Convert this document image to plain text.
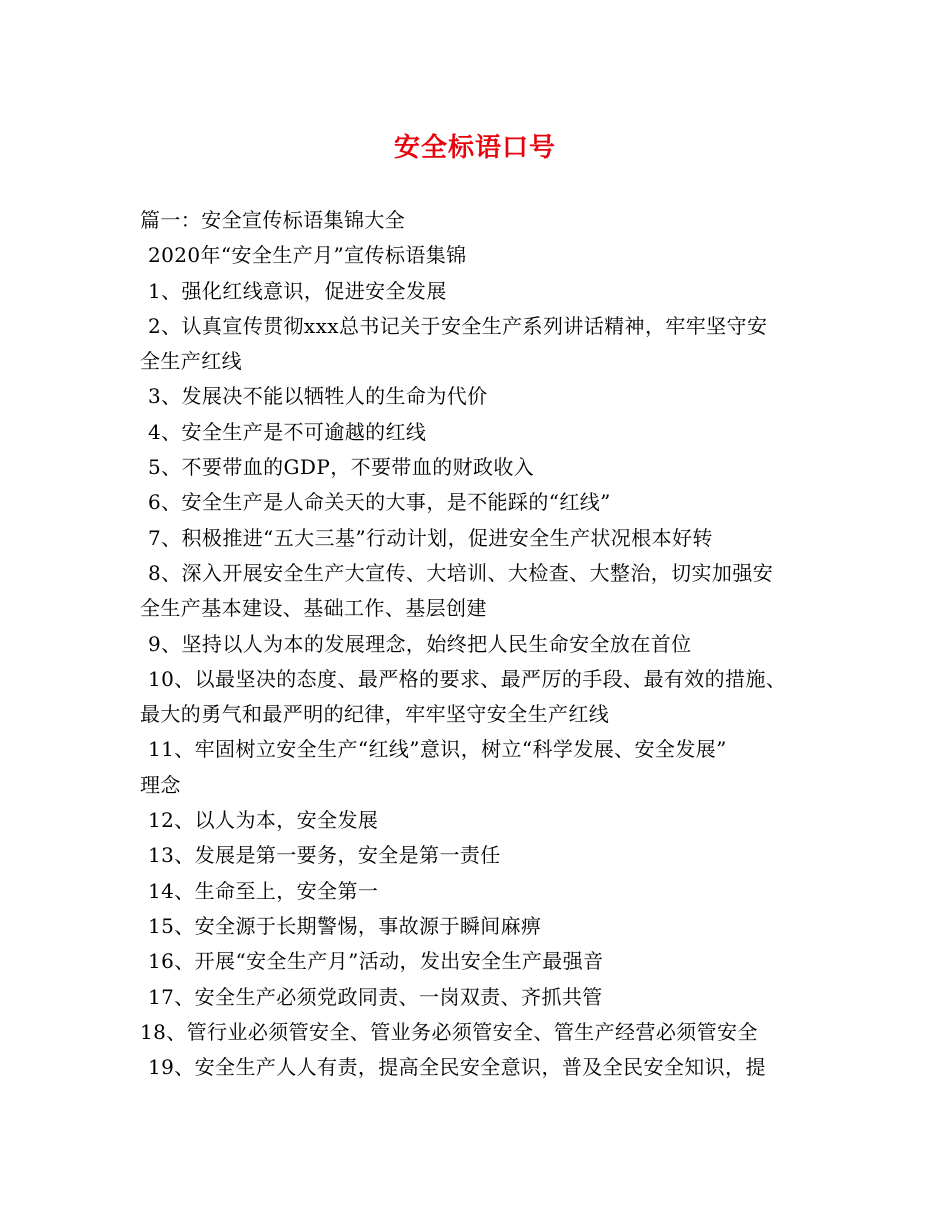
安全标语口号
篇一：安全宣传标语集锦大全
2020年“安全生产月”宣传标语集锦
1、强化红线意识，促进安全发展
2、认真宣传贯彻xxx总书记关于安全生产系列讲话精神，牢牢坚守安
全生产红线
3、发展决不能以牺牲人的生命为代价
4、安全生产是不可逾越的红线
5、不要带血的GDP，不要带血的财政收入
6、安全生产是人命关天的大事，是不能踩的“红线”
7、积极推进“五大三基”行动计划，促进安全生产状况根本好转
8、深入开展安全生产大宣传、大培训、大检查、大整治，切实加强安
全生产基本建设、基础工作、基层创建
9、坚持以人为本的发展理念，始终把人民生命安全放在首位
10、以最坚决的态度、最严格的要求、最严厉的手段、最有效的措施、
最大的勇气和最严明的纪律，牢牢坚守安全生产红线
11、牢固树立安全生产“红线”意识，树立“科学发展、安全发展”
理念
12、以人为本，安全发展
13、发展是第一要务，安全是第一责任
14、生命至上，安全第一
15、安全源于长期警惕，事故源于瞬间麻痹
16、开展“安全生产月”活动，发出安全生产最强音
17、安全生产必须党政同责、一岗双责、齐抓共管
18、管行业必须管安全、管业务必须管安全、管生产经营必须管安全
19、安全生产人人有责，提高全民安全意识，普及全民安全知识，提
